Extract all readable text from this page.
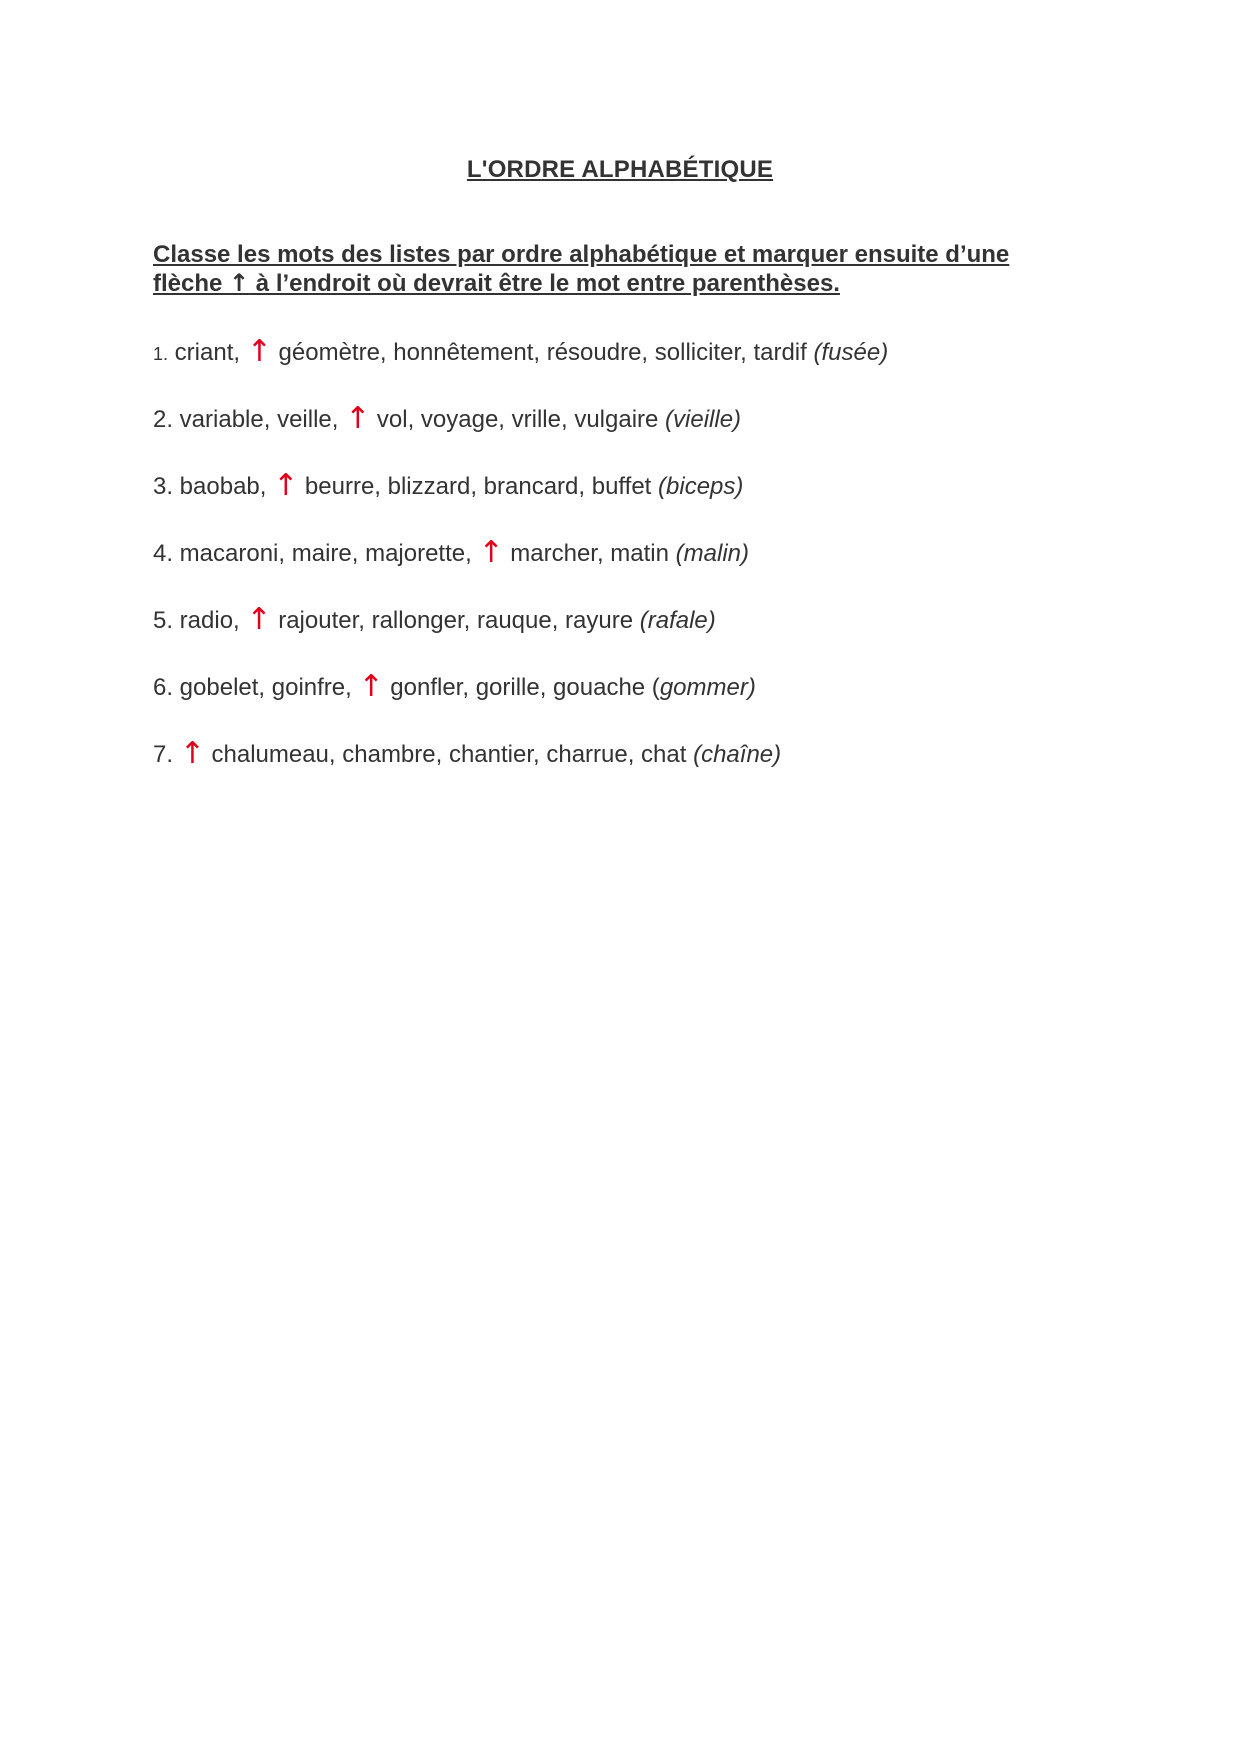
L'ORDRE ALPHABÉTIQUE
Classe les mots des listes par ordre alphabétique et marquer ensuite d’une
flèche ↑ à l’endroit où devrait être le mot entre parenthèses.
1. criant, ↑ géomètre, honnêtement, résoudre, solliciter, tardif (fusée)
2. variable, veille, ↑ vol, voyage, vrille, vulgaire (vieille)
3. baobab, ↑ beurre, blizzard, brancard, buffet (biceps)
4. macaroni, maire, majorette, ↑ marcher, matin (malin)
5. radio, ↑ rajouter, rallonger, rauque, rayure (rafale)
6. gobelet, goinfre, ↑ gonfler, gorille, gouache (gommer)
7. ↑ chalumeau, chambre, chantier, charrue, chat (chaîne)
